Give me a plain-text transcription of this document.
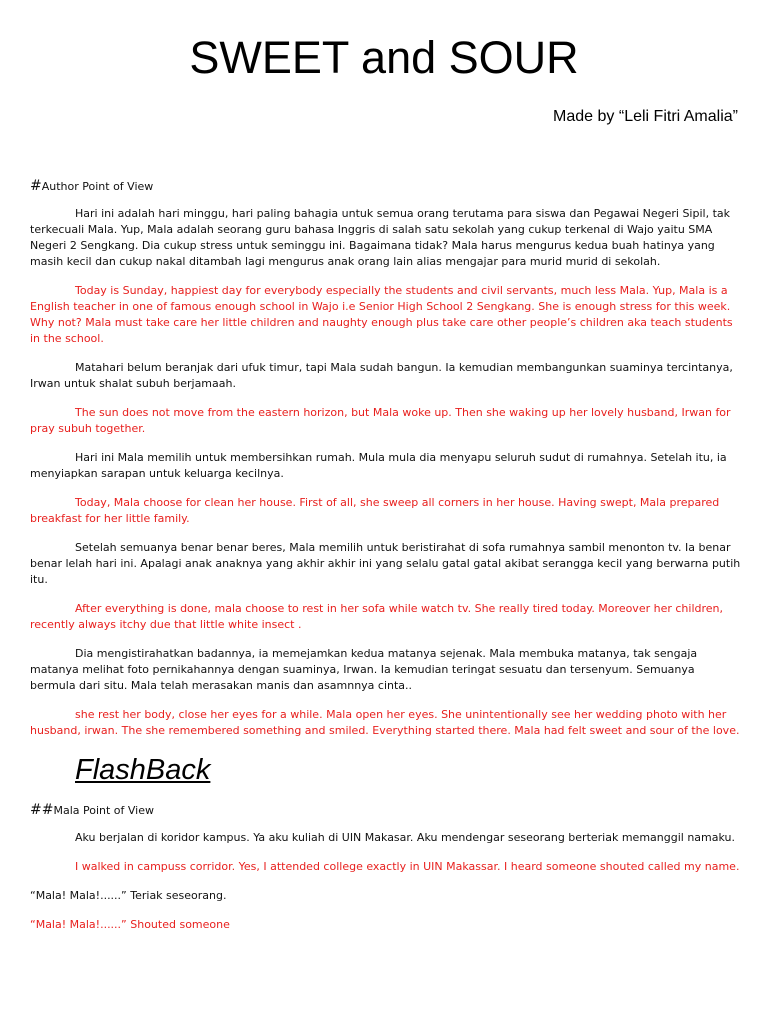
SWEET and SOUR
Made by “Leli Fitri Amalia”
#Author Point of View

Hari ini adalah hari minggu, hari paling bahagia untuk semua orang terutama para siswa dan Pegawai Negeri Sipil, tak terkecuali Mala. Yup, Mala adalah seorang guru bahasa Inggris di salah satu sekolah yang cukup terkenal di Wajo yaitu SMA Negeri 2 Sengkang. Dia cukup stress untuk seminggu ini. Bagaimana tidak? Mala harus mengurus kedua buah hatinya yang masih kecil dan cukup nakal ditambah lagi mengurus anak orang lain alias mengajar para murid murid di sekolah.

Today is Sunday, happiest day for everybody especially the students and civil servants, much less Mala. Yup, Mala is a English teacher in one of famous enough school in Wajo i.e Senior High School 2 Sengkang. She is enough stress for this week. Why not? Mala must take care her little children and naughty enough plus take care other people’s children aka teach students in the school.

Matahari belum beranjak dari ufuk timur, tapi Mala sudah bangun. Ia kemudian membangunkan suaminya tercintanya, Irwan untuk shalat subuh berjamaah.

The sun does not move from the eastern horizon, but Mala woke up. Then she waking up her lovely husband, Irwan for pray subuh together.

Hari ini Mala memilih untuk membersihkan rumah. Mula mula dia menyapu seluruh sudut di rumahnya. Setelah itu, ia menyiapkan sarapan untuk keluarga kecilnya.

Today, Mala choose for clean her house. First of all, she sweep all corners in her house. Having swept, Mala prepared breakfast for her little family.

Setelah semuanya benar benar beres, Mala memilih untuk beristirahat di sofa rumahnya sambil menonton tv. Ia benar benar lelah hari ini. Apalagi anak anaknya yang akhir akhir ini yang selalu gatal gatal akibat serangga kecil yang berwarna putih itu.

After everything is done, mala choose to rest in her sofa while watch tv. She really tired today. Moreover her children, recently always itchy due that little white insect .

Dia mengistirahatkan badannya, ia memejamkan kedua matanya sejenak. Mala membuka matanya, tak sengaja matanya melihat foto pernikahannya dengan suaminya, Irwan. Ia kemudian teringat sesuatu dan tersenyum. Semuanya bermula dari situ. Mala telah merasakan manis dan asamnnya cinta..

she rest her body, close her eyes for a while. Mala open her eyes. She unintentionally see her wedding photo with her husband, irwan. The she remembered something and smiled. Everything started there. Mala had felt sweet and sour of the love.

FlashBack
##Mala Point of View

Aku berjalan di koridor kampus. Ya aku kuliah di UIN Makasar. Aku mendengar seseorang berteriak memanggil namaku.

I walked in campuss corridor. Yes, I attended college exactly in UIN Makassar. I heard someone shouted called my name.

“Mala! Mala!......” Teriak seseorang.

“Mala! Mala!......” Shouted someone
